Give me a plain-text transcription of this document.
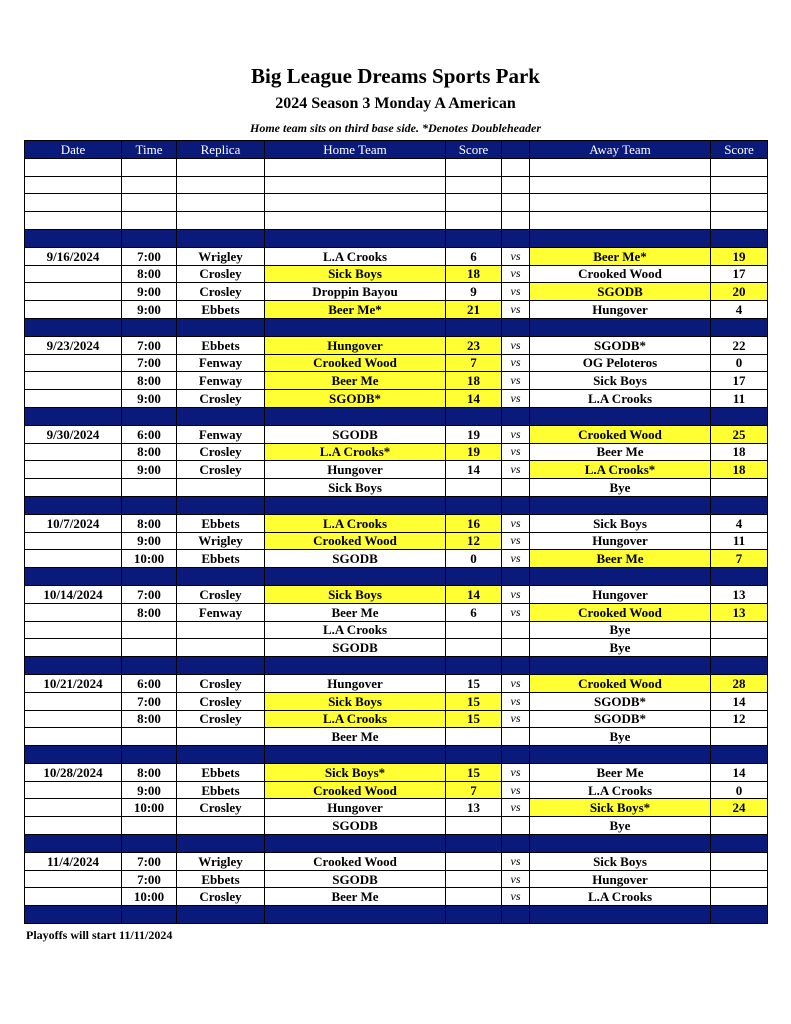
Big League Dreams Sports Park
2024 Season 3 Monday A American
Home team sits on third base side. *Denotes Doubleheader
Date	Time	Replica	Home Team	Score		Away Team	Score

9/16/2024	7:00	Wrigley	L.A Crooks	6	vs	Beer Me*	19
	8:00	Crosley	Sick Boys	18	vs	Crooked Wood	17
	9:00	Crosley	Droppin Bayou	9	vs	SGODB	20
	9:00	Ebbets	Beer Me*	21	vs	Hungover	4

9/23/2024	7:00	Ebbets	Hungover	23	vs	SGODB*	22
	7:00	Fenway	Crooked Wood	7	vs	OG Peloteros	0
	8:00	Fenway	Beer Me	18	vs	Sick Boys	17
	9:00	Crosley	SGODB*	14	vs	L.A Crooks	11

9/30/2024	6:00	Fenway	SGODB	19	vs	Crooked Wood	25
	8:00	Crosley	L.A Crooks*	19	vs	Beer Me	18
	9:00	Crosley	Hungover	14	vs	L.A Crooks*	18
			Sick Boys			Bye	

10/7/2024	8:00	Ebbets	L.A Crooks	16	vs	Sick Boys	4
	9:00	Wrigley	Crooked Wood	12	vs	Hungover	11
	10:00	Ebbets	SGODB	0	vs	Beer Me	7

10/14/2024	7:00	Crosley	Sick Boys	14	vs	Hungover	13
	8:00	Fenway	Beer Me	6	vs	Crooked Wood	13
			L.A Crooks			Bye	
			SGODB			Bye	

10/21/2024	6:00	Crosley	Hungover	15	vs	Crooked Wood	28
	7:00	Crosley	Sick Boys	15	vs	SGODB*	14
	8:00	Crosley	L.A Crooks	15	vs	SGODB*	12
			Beer Me			Bye	

10/28/2024	8:00	Ebbets	Sick Boys*	15	vs	Beer Me	14
	9:00	Ebbets	Crooked Wood	7	vs	L.A Crooks	0
	10:00	Crosley	Hungover	13	vs	Sick Boys*	24
			SGODB			Bye	

11/4/2024	7:00	Wrigley	Crooked Wood		vs	Sick Boys	
	7:00	Ebbets	SGODB		vs	Hungover	
	10:00	Crosley	Beer Me		vs	L.A Crooks	

Playoffs will start 11/11/2024
